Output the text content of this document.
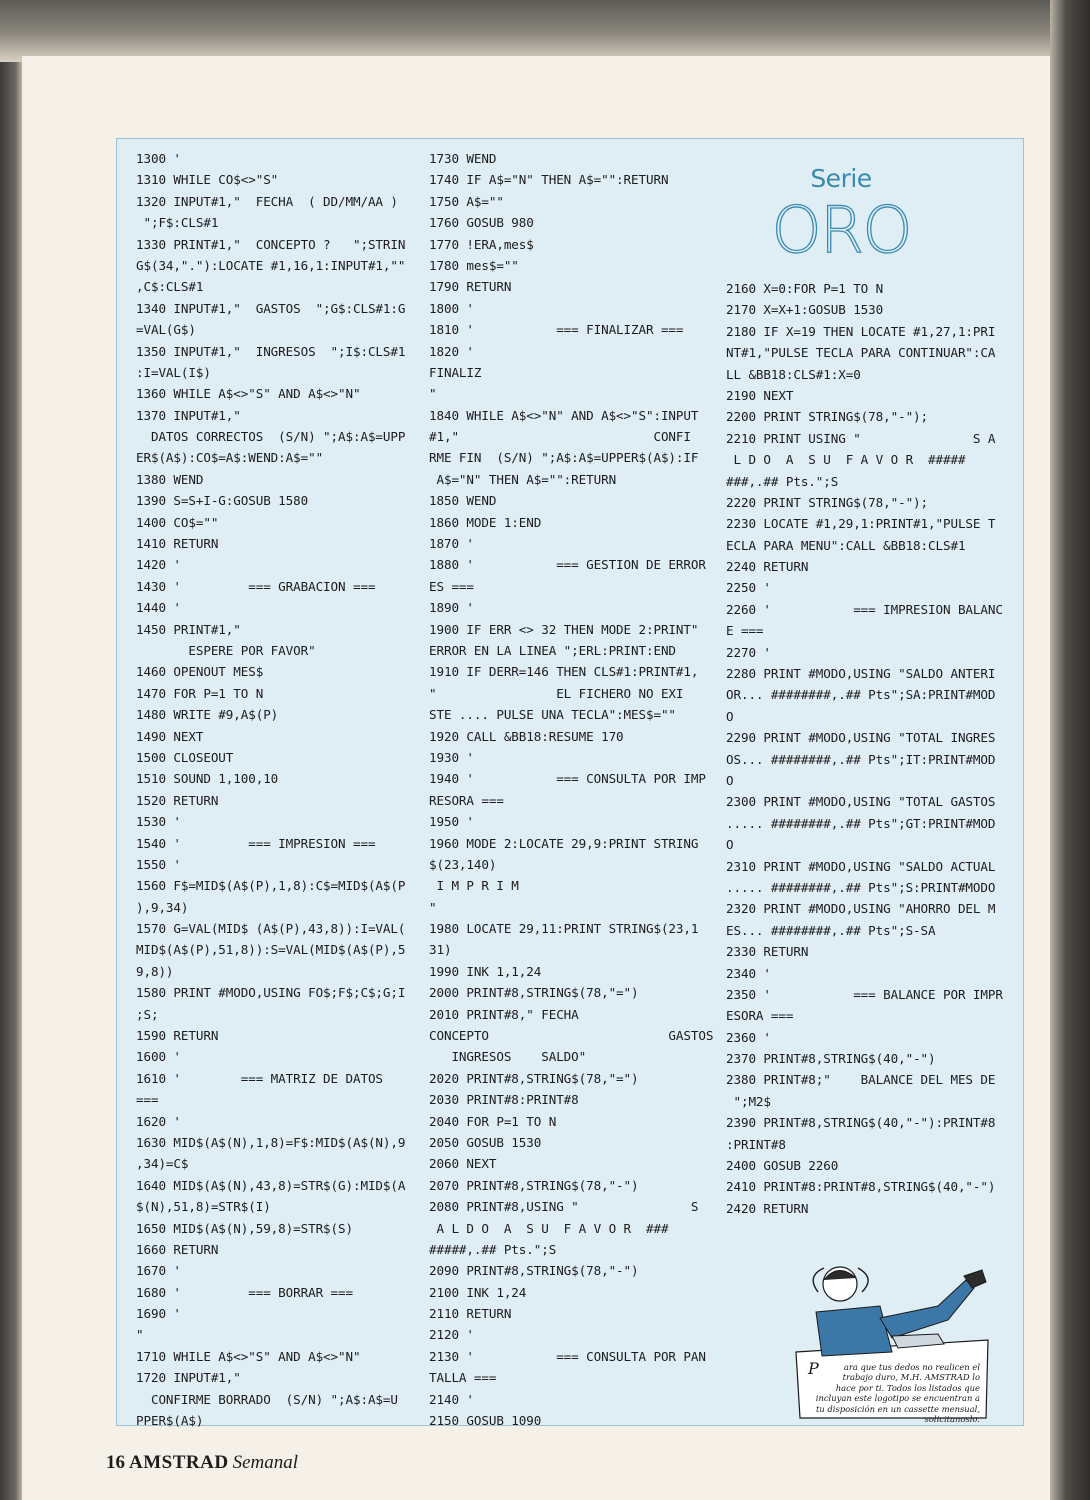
1300 '
1310 WHILE CO$<>"S"
1320 INPUT#1,"  FECHA  ( DD/MM/AA )
";F$:CLS#1
1330 PRINT#1,"  CONCEPTO ?   ";STRIN
G$(34,"."):LOCATE #1,16,1:INPUT#1,""
,C$:CLS#1
1340 INPUT#1,"  GASTOS  ";G$:CLS#1:G
=VAL(G$)
1350 INPUT#1,"  INGRESOS  ";I$:CLS#1
:I=VAL(I$)
1360 WHILE A$<>"S" AND A$<>"N"
1370 INPUT#1,"
DATOS CORRECTOS  (S/N) ";A$:A$=UPP
ER$(A$):CO$=A$:WEND:A$=""
1380 WEND
1390 S=S+I-G:GOSUB 1580
1400 CO$=""
1410 RETURN
1420 '
1430 '         === GRABACION ===
1440 '
1450 PRINT#1,"
ESPERE POR FAVOR"
1460 OPENOUT MES$
1470 FOR P=1 TO N
1480 WRITE #9,A$(P)
1490 NEXT
1500 CLOSEOUT
1510 SOUND 1,100,10
1520 RETURN
1530 '
1540 '         === IMPRESION ===
1550 '
1560 F$=MID$(A$(P),1,8):C$=MID$(A$(P
),9,34)
1570 G=VAL(MID$ (A$(P),43,8)):I=VAL(
MID$(A$(P),51,8)):S=VAL(MID$(A$(P),5
9,8))
1580 PRINT #MODO,USING FO$;F$;C$;G;I
;S;
1590 RETURN
1600 '
1610 '        === MATRIZ DE DATOS
===
1620 '
1630 MID$(A$(N),1,8)=F$:MID$(A$(N),9
,34)=C$
1640 MID$(A$(N),43,8)=STR$(G):MID$(A
$(N),51,8)=STR$(I)
1650 MID$(A$(N),59,8)=STR$(S)
1660 RETURN
1670 '
1680 '         === BORRAR ===
1690 '
"
1710 WHILE A$<>"S" AND A$<>"N"
1720 INPUT#1,"
CONFIRME BORRADO  (S/N) ";A$:A$=U
PPER$(A$)
1730 WEND
1740 IF A$="N" THEN A$="":RETURN
1750 A$=""
1760 GOSUB 980
1770 !ERA,mes$
1780 mes$=""
1790 RETURN
1800 '
1810 '           === FINALIZAR ===
1820 '
FINALIZ
"
1840 WHILE A$<>"N" AND A$<>"S":INPUT
#1,"                          CONFI
RME FIN  (S/N) ";A$:A$=UPPER$(A$):IF
A$="N" THEN A$="":RETURN
1850 WEND
1860 MODE 1:END
1870 '
1880 '           === GESTION DE ERROR
ES ===
1890 '
1900 IF ERR <> 32 THEN MODE 2:PRINT"
ERROR EN LA LINEA ";ERL:PRINT:END
1910 IF DERR=146 THEN CLS#1:PRINT#1,
"                EL FICHERO NO EXI
STE .... PULSE UNA TECLA":MES$=""
1920 CALL &BB18:RESUME 170
1930 '
1940 '           === CONSULTA POR IMP
RESORA ===
1950 '
1960 MODE 2:LOCATE 29,9:PRINT STRING
$(23,140)
I M P R I M
"
1980 LOCATE 29,11:PRINT STRING$(23,1
31)
1990 INK 1,1,24
2000 PRINT#8,STRING$(78,"=")
2010 PRINT#8," FECHA
CONCEPTO                        GASTOS
INGRESOS    SALDO"
2020 PRINT#8,STRING$(78,"=")
2030 PRINT#8:PRINT#8
2040 FOR P=1 TO N
2050 GOSUB 1530
2060 NEXT
2070 PRINT#8,STRING$(78,"-")
2080 PRINT#8,USING "               S
A L D O  A  S U  F A V O R  ###
#####,.## Pts.";S
2090 PRINT#8,STRING$(78,"-")
2100 INK 1,24
2110 RETURN
2120 '
2130 '           === CONSULTA POR PAN
TALLA ===
2140 '
2150 GOSUB 1090
2160 X=0:FOR P=1 TO N
2170 X=X+1:GOSUB 1530
2180 IF X=19 THEN LOCATE #1,27,1:PRI
NT#1,"PULSE TECLA PARA CONTINUAR":CA
LL &BB18:CLS#1:X=0
2190 NEXT
2200 PRINT STRING$(78,"-");
2210 PRINT USING "               S A
L D O  A  S U  F A V O R  #####
###,.## Pts.";S
2220 PRINT STRING$(78,"-");
2230 LOCATE #1,29,1:PRINT#1,"PULSE T
ECLA PARA MENU":CALL &BB18:CLS#1
2240 RETURN
2250 '
2260 '           === IMPRESION BALANC
E ===
2270 '
2280 PRINT #MODO,USING "SALDO ANTERI
OR... ########,.## Pts";SA:PRINT#MOD
O
2290 PRINT #MODO,USING "TOTAL INGRES
OS... ########,.## Pts";IT:PRINT#MOD
O
2300 PRINT #MODO,USING "TOTAL GASTOS
..... ########,.## Pts";GT:PRINT#MOD
O
2310 PRINT #MODO,USING "SALDO ACTUAL
..... ########,.## Pts";S:PRINT#MODO
2320 PRINT #MODO,USING "AHORRO DEL M
ES... ########,.## Pts";S-SA
2330 RETURN
2340 '
2350 '           === BALANCE POR IMPR
ESORA ===
2360 '
2370 PRINT#8,STRING$(40,"-")
2380 PRINT#8;"    BALANCE DEL MES DE
";M2$
2390 PRINT#8,STRING$(40,"-"):PRINT#8
:PRINT#8
2400 GOSUB 2260
2410 PRINT#8:PRINT#8,STRING$(40,"-")
2420 RETURN
Serie
ORO
P	ara que tus dedos no realicen el trabajo duro, M.H. AMSTRAD lo hace por ti. Todos los listados que incluyan este logotipo se encuentran a tu disposición en un cassette mensual, solicitanoslo.
16 AMSTRAD Semanal
